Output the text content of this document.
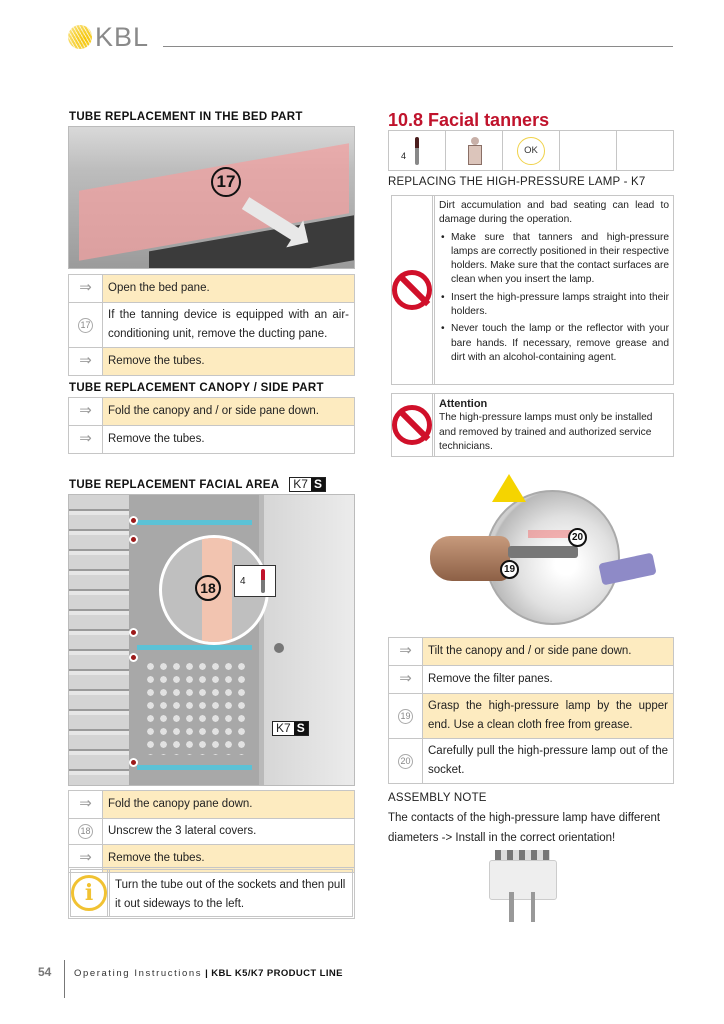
KBL
TUBE REPLACEMENT IN THE BED PART
17
⇒	Open the bed pane.
17	If the tanning device is equipped with an air-conditioning unit, remove the ducting pane.
⇒	Remove the tubes.
TUBE REPLACEMENT CANOPY / SIDE PART
⇒	Fold the canopy and / or side pane down.
⇒	Remove the tubes.
TUBE REPLACEMENT FACIAL AREA K7 S
18	4
K7 S
⇒	Fold the canopy pane down.
18	Unscrew the 3 lateral covers.
⇒	Remove the tubes.
i	Turn the tube out of the sockets and then pull it out sideways to the left.
10.8 Facial tanners
4		OK		
REPLACING THE HIGH-PRESSURE LAMP - K7
Dirt accumulation and bad seating can lead to damage during the operation.
• Make sure that tanners and high-pressure lamps are correctly positioned in their respective holders. Make sure that the contact surfaces are clean when you insert the lamp.
• Insert the high-pressure lamps straight into their holders.
• Never touch the lamp or the reflector with your bare hands. If necessary, remove grease and dirt with an alcohol-containing agent.
Attention
The high-pressure lamps must only be installed and removed by trained and authorized service technicians.
20
19
⇒	Tilt the canopy and / or side pane down.
⇒	Remove the filter panes.
19	Grasp the high-pressure lamp by the upper end. Use a clean cloth free from grease.
20	Carefully pull the high-pressure lamp out of the socket.
ASSEMBLY NOTE
The contacts of the high-pressure lamp have different diameters -> Install in the correct orientation!
54 Operating Instructions | KBL K5/K7 PRODUCT LINE
